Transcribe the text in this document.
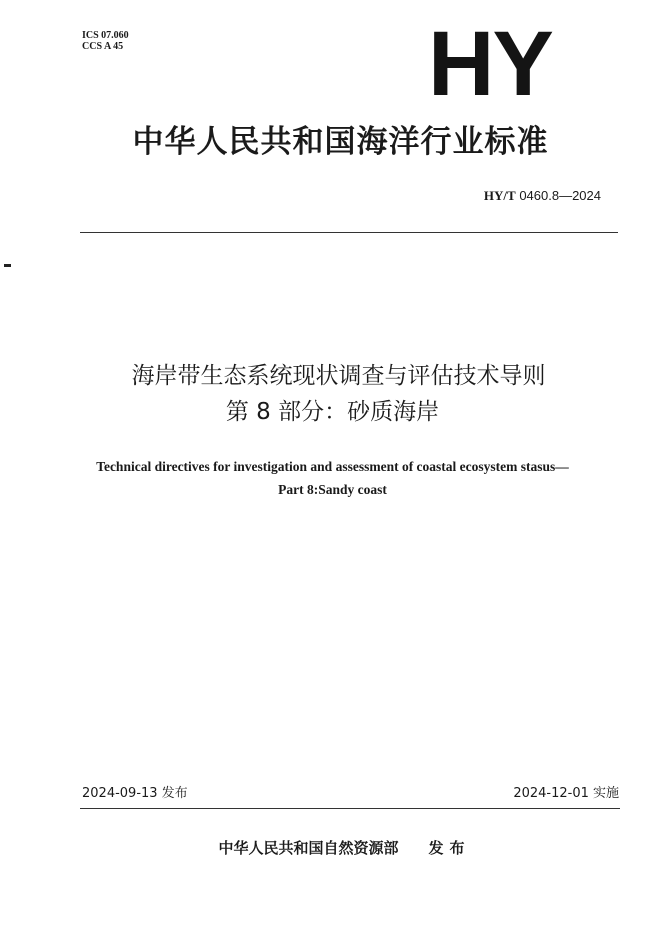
ICS 07.060
CCS A 45	HY
中华人民共和国海洋行业标准
HY/T 0460.8—2024
海岸带生态系统现状调查与评估技术导则
第 8 部分：砂质海岸
Technical directives for investigation and assessment of coastal ecosystem stasus—
Part 8:Sandy coast
2024-09-13 发布	2024-12-01 实施
中华人民共和国自然资源部 发布
